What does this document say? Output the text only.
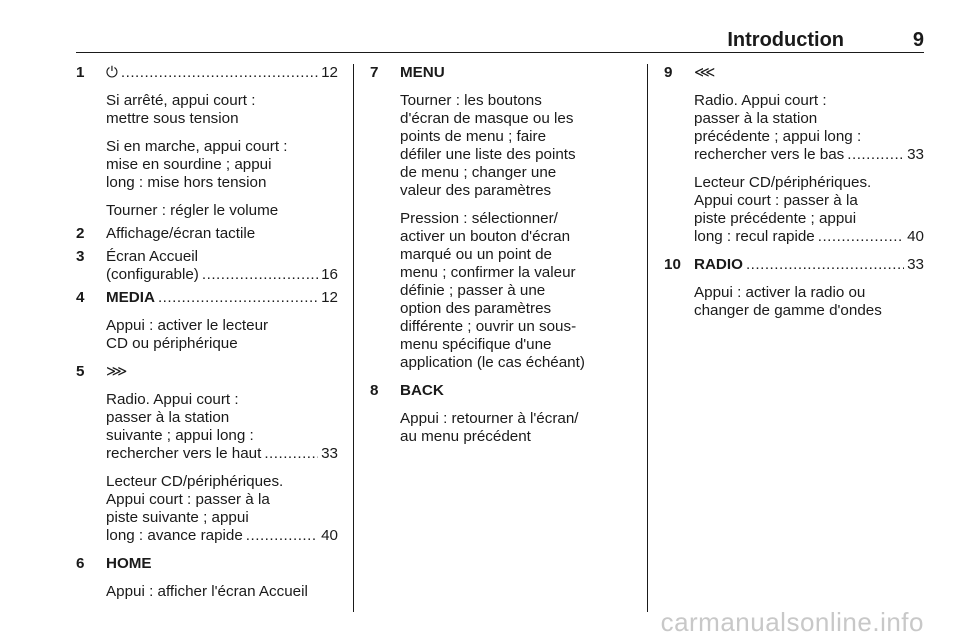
Introduction	9
1 ⏻ .....	12
Si arrêté, appui court :
mettre sous tension
Si en marche, appui court :
mise en sourdine ; appui
long : mise hors tension
Tourner : régler le volume
2 Affichage/écran tactile
3 Écran Accueil
(configurable) .....	16
4 MEDIA .....	12
Appui : activer le lecteur
CD ou périphérique
5 ⋙
Radio. Appui court :
passer à la station
suivante ; appui long :
rechercher vers le haut .....	33
Lecteur CD/périphériques.
Appui court : passer à la
piste suivante ; appui
long : avance rapide .....	40
6 HOME
Appui : afficher l'écran Accueil
7 MENU
Tourner : les boutons
d'écran de masque ou les
points de menu ; faire
défiler une liste des points
de menu ; changer une
valeur des paramètres
Pression : sélectionner/
activer un bouton d'écran
marqué ou un point de
menu ; confirmer la valeur
définie ; passer à une
option des paramètres
différente ; ouvrir un sous-
menu spécifique d'une
application (le cas échéant)
8 BACK
Appui : retourner à l'écran/
au menu précédent
9 ⋘
Radio. Appui court :
passer à la station
précédente ; appui long :
rechercher vers le bas .....	33
Lecteur CD/périphériques.
Appui court : passer à la
piste précédente ; appui
long : recul rapide .....	40
10 RADIO .....	33
Appui : activer la radio ou
changer de gamme d'ondes
carmanualsonline.info
